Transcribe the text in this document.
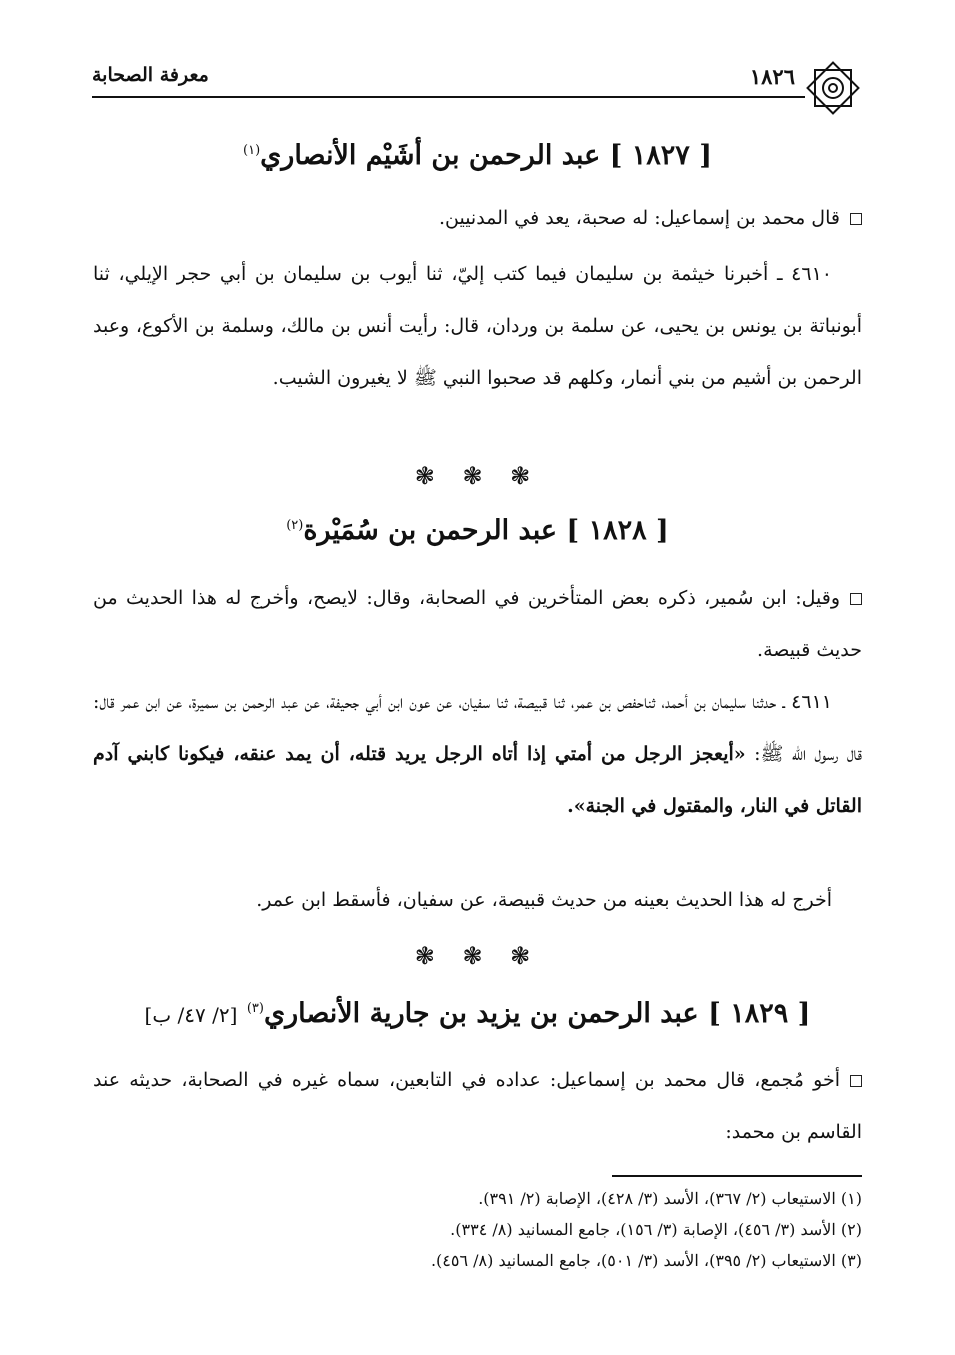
١٨٢٦
معرفة الصحابة
[ ١٨٢٧ ] عبد الرحمن بن أشَيْم الأنصاري$^{(١)}$
قال محمد بن إسماعيل: له صحبة، يعد في المدنيين.
٤٦١٠ ـ أخبرنا خيثمة بن سليمان فيما كتب إليّ، ثنا أيوب بن سليمان بن أبي حجر الإيلي، ثنا أبونباتة بن يونس بن يحيى، عن سلمة بن وردان، قال: رأيت أنس بن مالك، وسلمة بن الأكوع، وعبد الرحمن بن أشيم من بني أنمار، وكلهم قد صحبوا النبي ﷺ لا يغيرون الشيب.
❃ ❃ ❃
[ ١٨٢٨ ] عبد الرحمن بن سُمَيْرة$^{(٢)}$
وقيل: ابن سُمير، ذكره بعض المتأخرين في الصحابة، وقال: لايصح، وأخرج له هذا الحديث من حديث قبيصة.
٤٦١١ ـ حدثنا سليمان بن أحمد، ثناحفص بن عمر، ثنا قبيصة، ثنا سفيان، عن عون ابن أبي جحيفة، عن عبد الرحمن بن سميرة، عن ابن عمر قال: قال رسول الله ﷺ: «أيعجز الرجل من أمتي إذا أتاه الرجل يريد قتله، أن يمد عنقه، فيكونا كابني آدم القاتل في النار، والمقتول في الجنة».
أخرج له هذا الحديث بعينه من حديث قبيصة، عن سفيان، فأسقط ابن عمر.
❃ ❃ ❃
[ ١٨٢٩ ] عبد الرحمن بن يزيد بن جارية الأنصاري$^{(٣)}$ [٢/ ٤٧/ ب]
أخو مُجمع، قال محمد بن إسماعيل: عداده في التابعين، سماه غيره في الصحابة، حديثه عند القاسم بن محمد:
(١) الاستيعاب (٢/ ٣٦٧)، الأسد (٣/ ٤٢٨)، الإصابة (٢/ ٣٩١).
(٢) الأسد (٣/ ٤٥٦)، الإصابة (٣/ ١٥٦)، جامع المسانيد (٨/ ٣٣٤).
(٣) الاستيعاب (٢/ ٣٩٥)، الأسد (٣/ ٥٠١)، جامع المسانيد (٨/ ٤٥٦).
